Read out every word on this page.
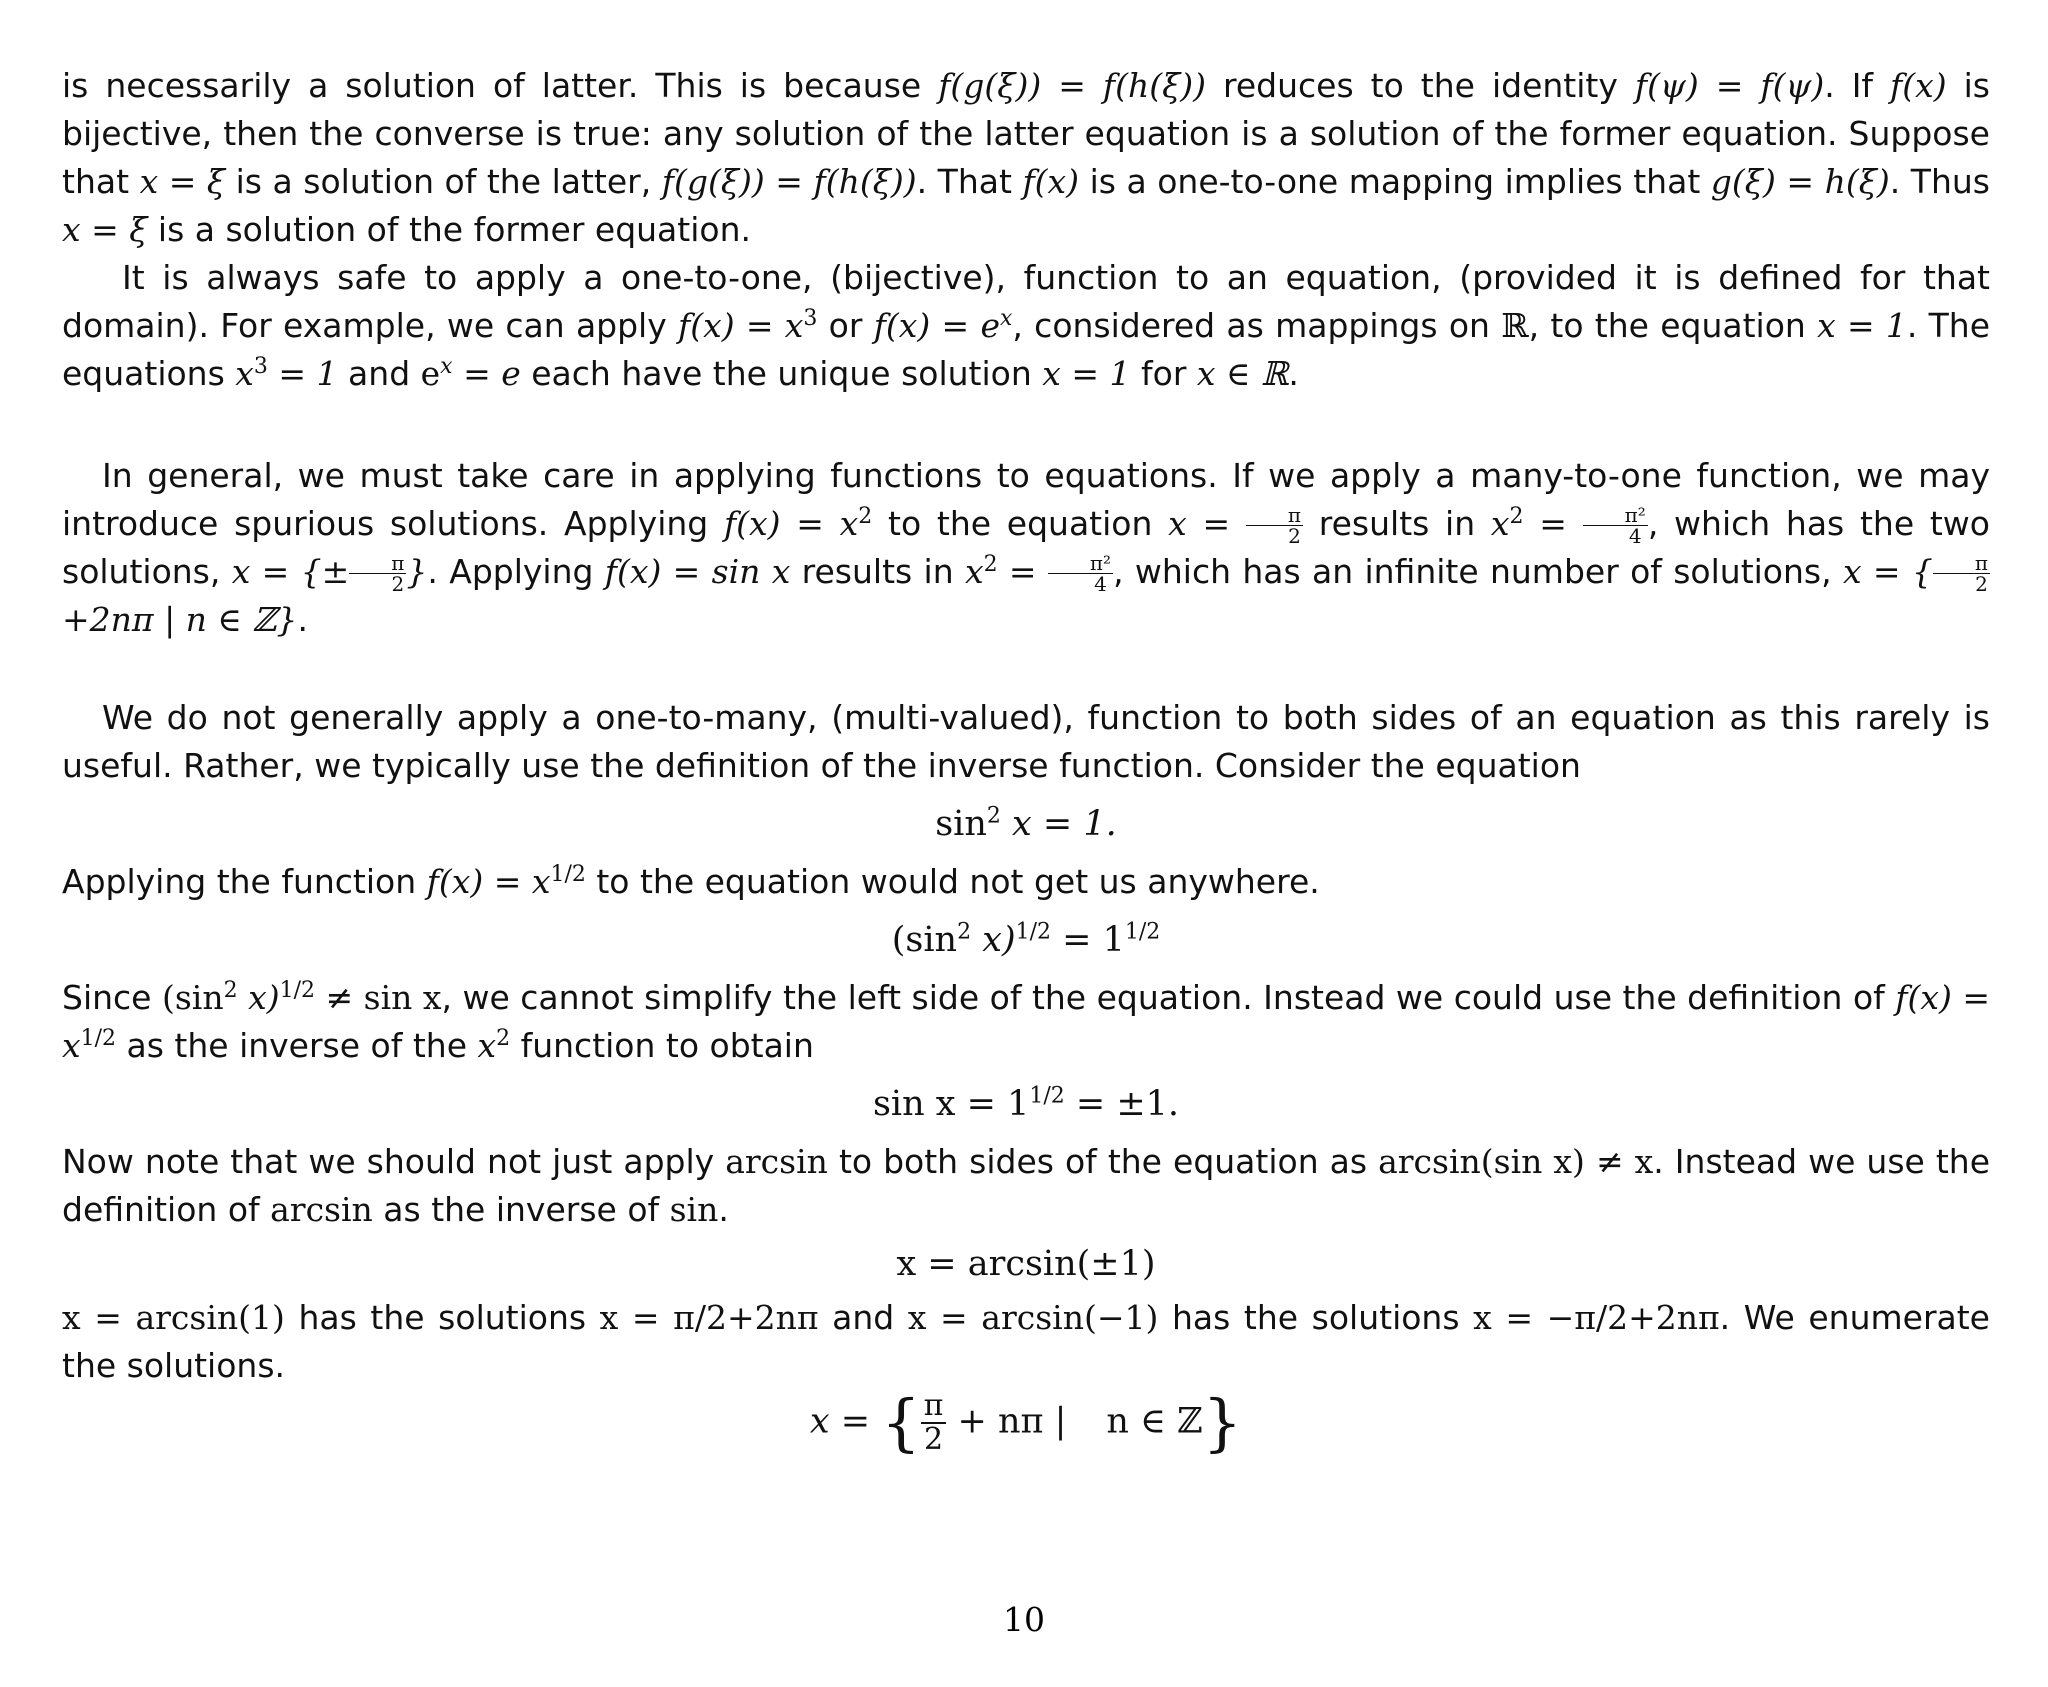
is necessarily a solution of latter. This is because f(g(ξ)) = f(h(ξ)) reduces to the identity f(ψ) = f(ψ). If f(x) is bijective, then the converse is true: any solution of the latter equation is a solution of the former equation. Suppose that x = ξ is a solution of the latter, f(g(ξ)) = f(h(ξ)). That f(x) is a one-to-one mapping implies that g(ξ) = h(ξ). Thus x = ξ is a solution of the former equation.

It is always safe to apply a one-to-one, (bijective), function to an equation, (provided it is defined for that domain). For example, we can apply $f(x) = x^3$ or $f(x) = e^x$, considered as mappings on ℝ, to the equation x = 1. The equations $x^3 = 1$ and $e^x = e$ each have the unique solution x = 1 for x ∈ ℝ.

In general, we must take care in applying functions to equations. If we apply a many-to-one function, we may introduce spurious solutions. Applying $f(x) = x^2$ to the equation $x = \frac{\pi}{2}$ results in $x^2 = \frac{\text{π²}}{4}$ , which has the two solutions, x = {± $\frac{\pi}{2}$ }. Applying f(x) = sin x results in $x^2 = \frac{\text{π²}}{4}$ , which has an infinite number of solutions, x = { $\frac{\pi}{2}$
+2nπ | n ∈ ℤ}.

We do not generally apply a one-to-many, (multi-valued), function to both sides of an equation as this rarely is useful. Rather, we typically use the definition of the inverse function. Consider the equation

$\sin^2 x = 1$.

Applying the function $f(x) = x^{1/2}$ to the equation would not get us anywhere.

($\sin^2$ $x)^{1/2} = 1^{1/2}$

Since ($\sin^2$ x)$^{1/2}$ ≠ sin x, we cannot simplify the left side of the equation. Instead we could use the definition of $f(x) = x^{1/2}$ as the inverse of the $x^2$ function to obtain

$\sin x = 1^{1/2} = \pm 1$.

Now note that we should not just apply arcsin to both sides of the equation as arcsin(sin x) ≠ x. Instead we use the definition of arcsin as the inverse of sin.

x = arcsin(±1)

x = arcsin(1) has the solutions x = π/2+2nπ and x = arcsin(−1) has the solutions x = −π/2+2nπ. We enumerate the solutions.

x = { $\frac{\pi}{2} + n\pi$ | n ∈ ℤ}
10
